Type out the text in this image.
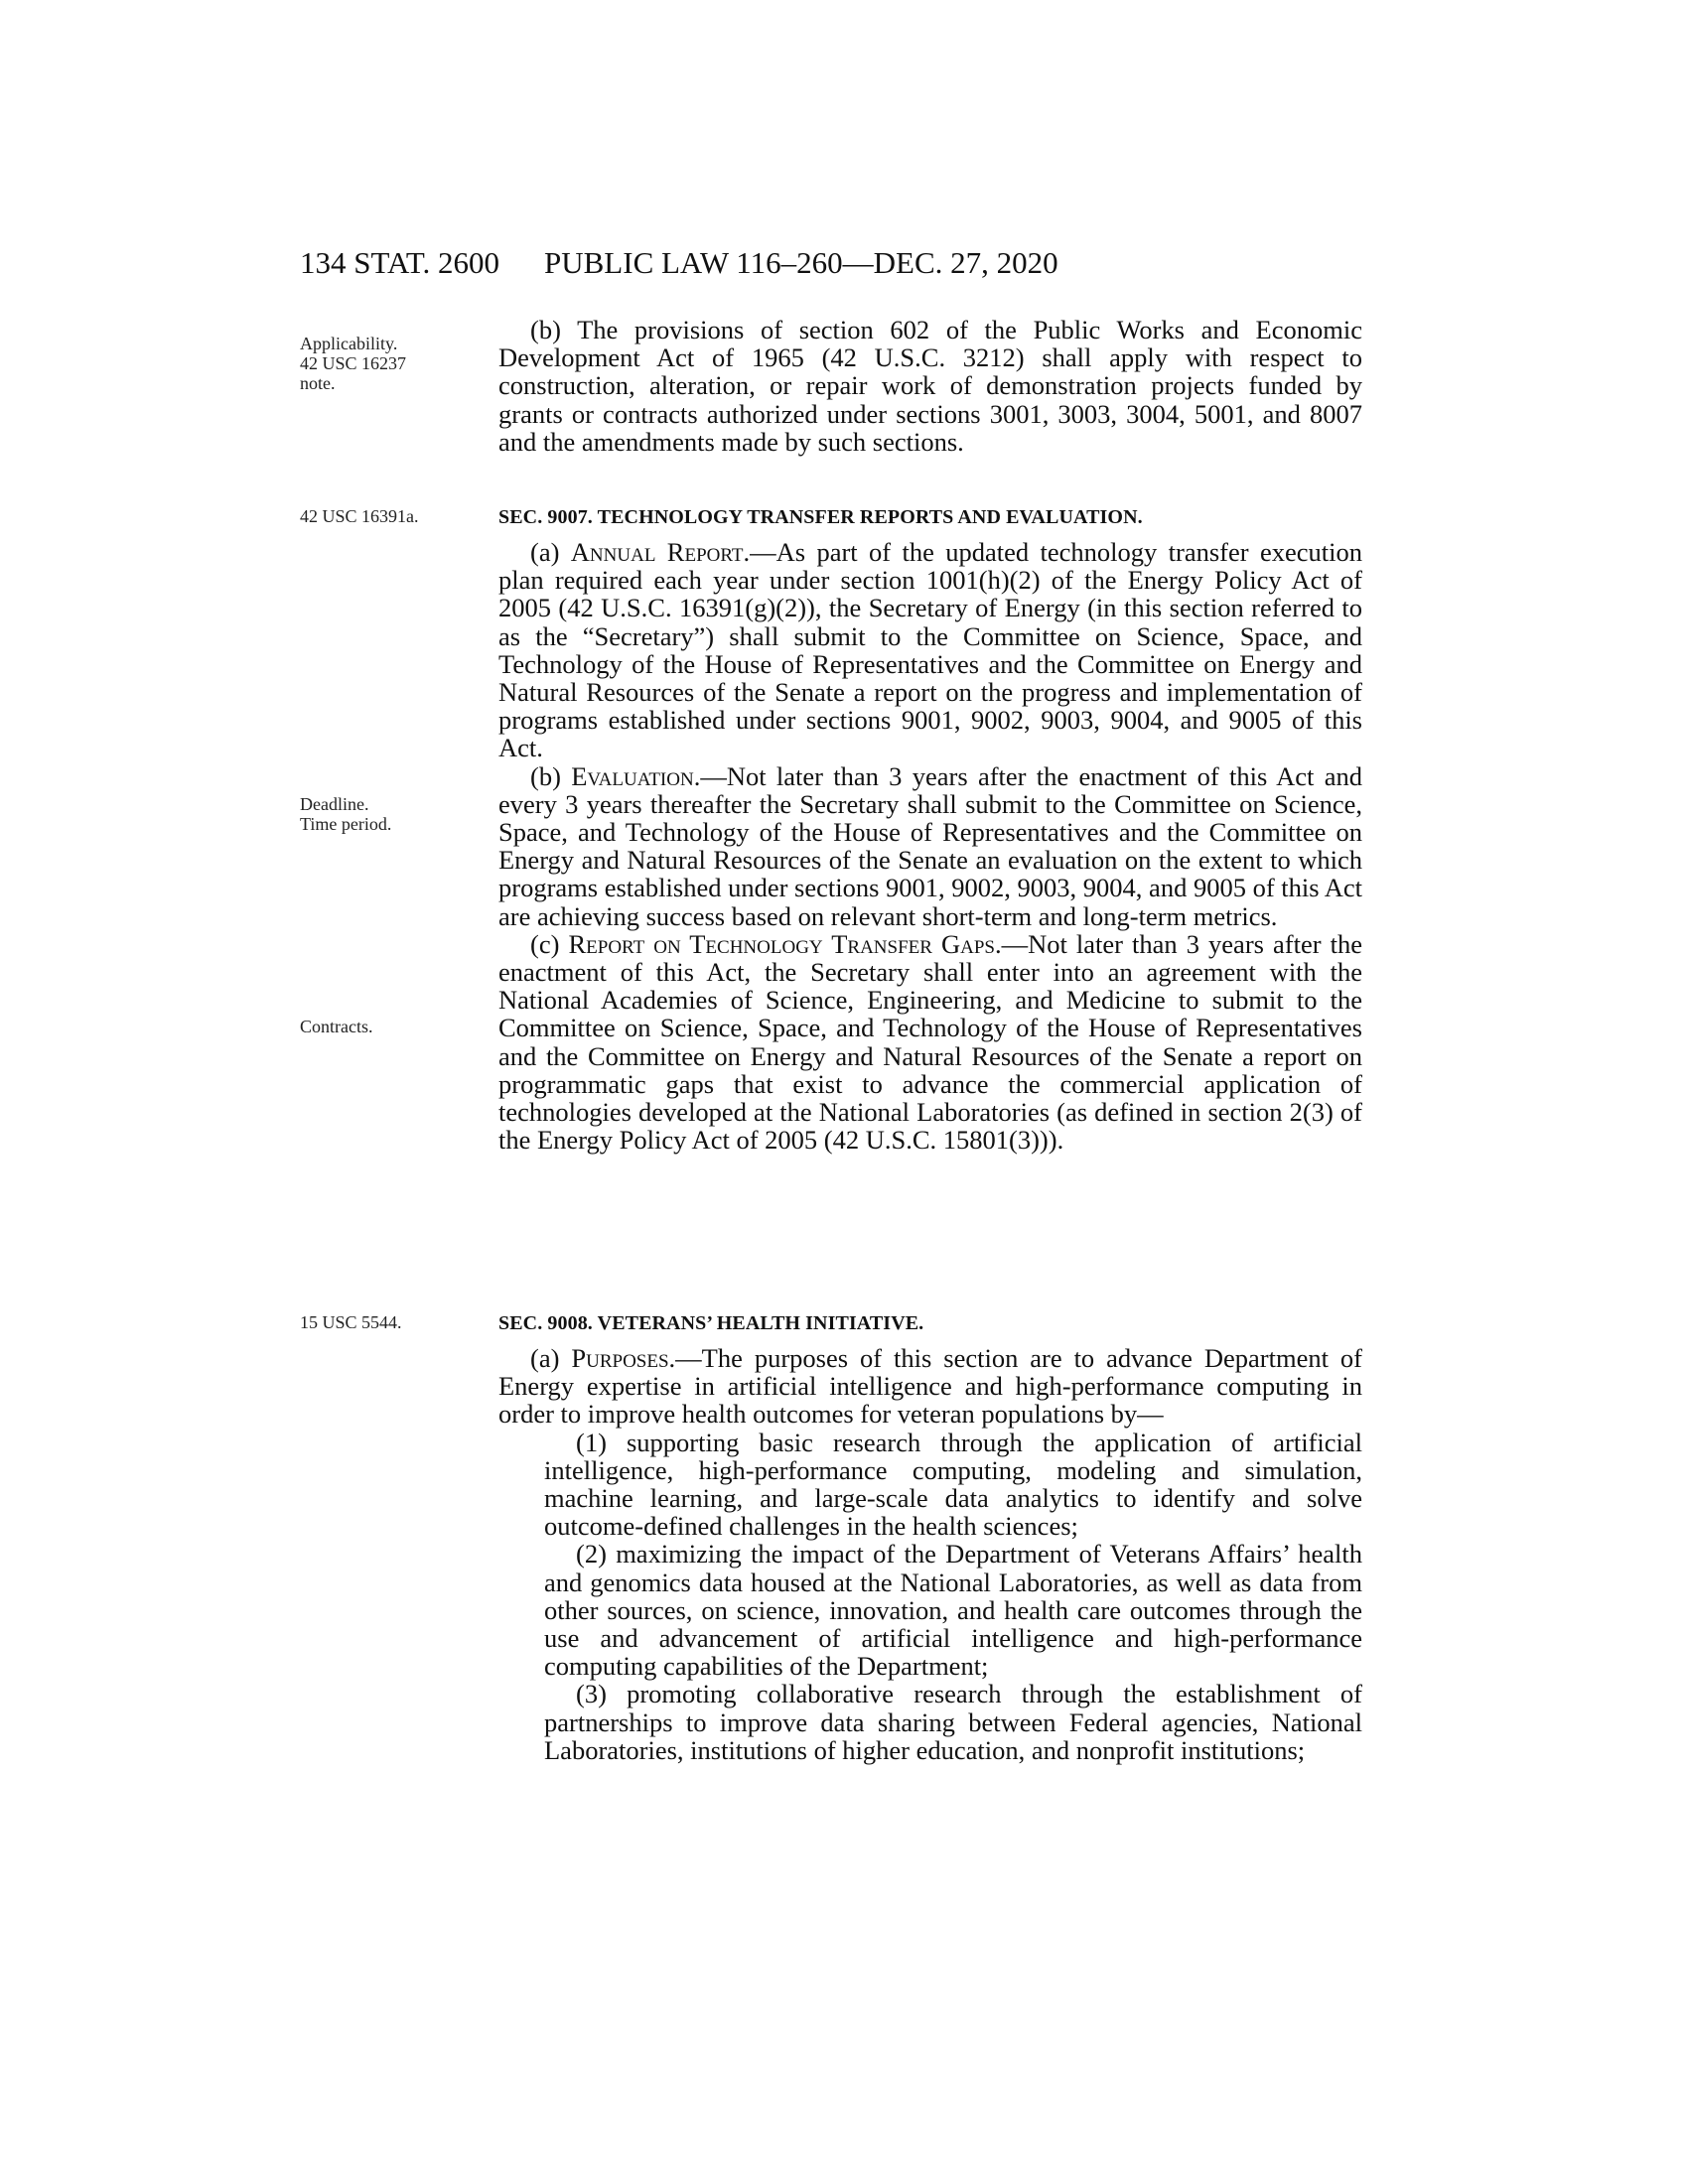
134 STAT. 2600 PUBLIC LAW 116–260—DEC. 27, 2020
Applicability.
42 USC 16237
note.
42 USC 16391a.
Deadline.
Time period.
Contracts.
15 USC 5544.

(b) The provisions of section 602 of the Public Works and Economic Development Act of 1965 (42 U.S.C. 3212) shall apply with respect to construction, alteration, or repair work of demonstration projects funded by grants or contracts authorized under sections 3001, 3003, 3004, 5001, and 8007 and the amendments made by such sections.

SEC. 9007. TECHNOLOGY TRANSFER REPORTS AND EVALUATION.

(a) Annual Report.—As part of the updated technology transfer execution plan required each year under section 1001(h)(2) of the Energy Policy Act of 2005 (42 U.S.C. 16391(g)(2)), the Secretary of Energy (in this section referred to as the “Secretary”) shall submit to the Committee on Science, Space, and Technology of the House of Representatives and the Committee on Energy and Natural Resources of the Senate a report on the progress and implementation of programs established under sections 9001, 9002, 9003, 9004, and 9005 of this Act.

(b) Evaluation.—Not later than 3 years after the enactment of this Act and every 3 years thereafter the Secretary shall submit to the Committee on Science, Space, and Technology of the House of Representatives and the Committee on Energy and Natural Resources of the Senate an evaluation on the extent to which programs established under sections 9001, 9002, 9003, 9004, and 9005 of this Act are achieving success based on relevant short-term and long-term metrics.

(c) Report on Technology Transfer Gaps.—Not later than 3 years after the enactment of this Act, the Secretary shall enter into an agreement with the National Academies of Science, Engineering, and Medicine to submit to the Committee on Science, Space, and Technology of the House of Representatives and the Committee on Energy and Natural Resources of the Senate a report on programmatic gaps that exist to advance the commercial application of technologies developed at the National Laboratories (as defined in section 2(3) of the Energy Policy Act of 2005 (42 U.S.C. 15801(3))).

SEC. 9008. VETERANS’ HEALTH INITIATIVE.

(a) Purposes.—The purposes of this section are to advance Department of Energy expertise in artificial intelligence and high-performance computing in order to improve health outcomes for veteran populations by—

(1) supporting basic research through the application of artificial intelligence, high-performance computing, modeling and simulation, machine learning, and large-scale data analytics to identify and solve outcome-defined challenges in the health sciences;

(2) maximizing the impact of the Department of Veterans Affairs’ health and genomics data housed at the National Laboratories, as well as data from other sources, on science, innovation, and health care outcomes through the use and advancement of artificial intelligence and high-performance computing capabilities of the Department;

(3) promoting collaborative research through the establishment of partnerships to improve data sharing between Federal agencies, National Laboratories, institutions of higher education, and nonprofit institutions;
